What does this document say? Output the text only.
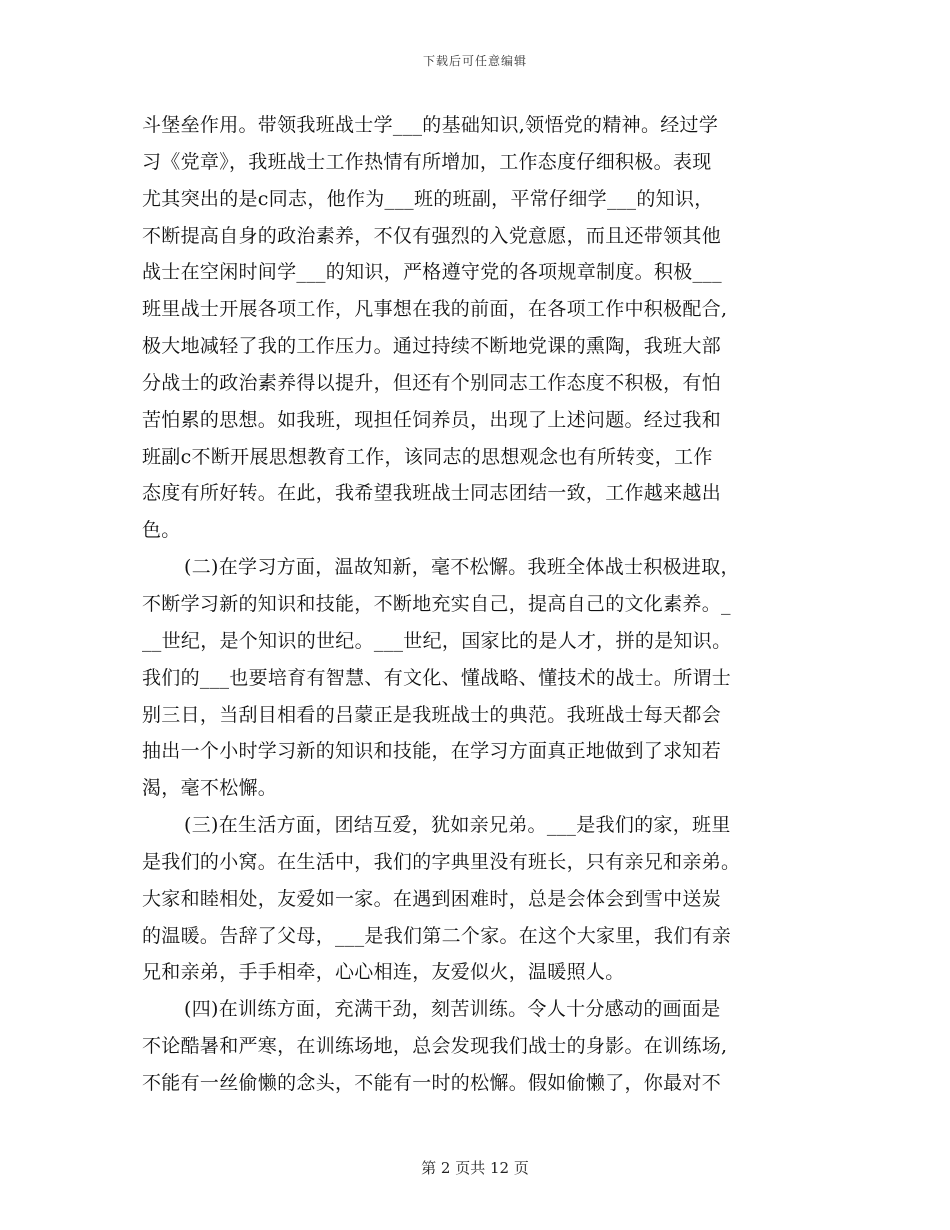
下载后可任意编辑
斗堡垒作用。带领我班战士学___的基础知识,领悟党的精神。经过学
习《党章》，我班战士工作热情有所增加，工作态度仔细积极。表现
尤其突出的是c同志，他作为___班的班副，平常仔细学___的知识，
不断提高自身的政治素养，不仅有强烈的入党意愿，而且还带领其他
战士在空闲时间学___的知识，严格遵守党的各项规章制度。积极___
班里战士开展各项工作，凡事想在我的前面，在各项工作中积极配合,
极大地减轻了我的工作压力。通过持续不断地党课的熏陶，我班大部
分战士的政治素养得以提升，但还有个别同志工作态度不积极，有怕
苦怕累的思想。如我班，现担任饲养员，出现了上述问题。经过我和
班副c不断开展思想教育工作，该同志的思想观念也有所转变，工作
态度有所好转。在此，我希望我班战士同志团结一致，工作越来越出
色。
(二)在学习方面，温故知新，毫不松懈。我班全体战士积极进取，
不断学习新的知识和技能，不断地充实自己，提高自己的文化素养。_
__世纪，是个知识的世纪。___世纪，国家比的是人才，拼的是知识。
我们的___也要培育有智慧、有文化、懂战略、懂技术的战士。所谓士
别三日，当刮目相看的吕蒙正是我班战士的典范。我班战士每天都会
抽出一个小时学习新的知识和技能，在学习方面真正地做到了求知若
渴，毫不松懈。
(三)在生活方面，团结互爱，犹如亲兄弟。___是我们的家，班里
是我们的小窝。在生活中，我们的字典里没有班长，只有亲兄和亲弟。
大家和睦相处，友爱如一家。在遇到困难时，总是会体会到雪中送炭
的温暖。告辞了父母，___是我们第二个家。在这个大家里，我们有亲
兄和亲弟，手手相牵，心心相连，友爱似火，温暖照人。
(四)在训练方面，充满干劲，刻苦训练。令人十分感动的画面是
不论酷暑和严寒，在训练场地，总会发现我们战士的身影。在训练场,
不能有一丝偷懒的念头，不能有一时的松懈。假如偷懒了，你最对不
第 2 页共 12 页
